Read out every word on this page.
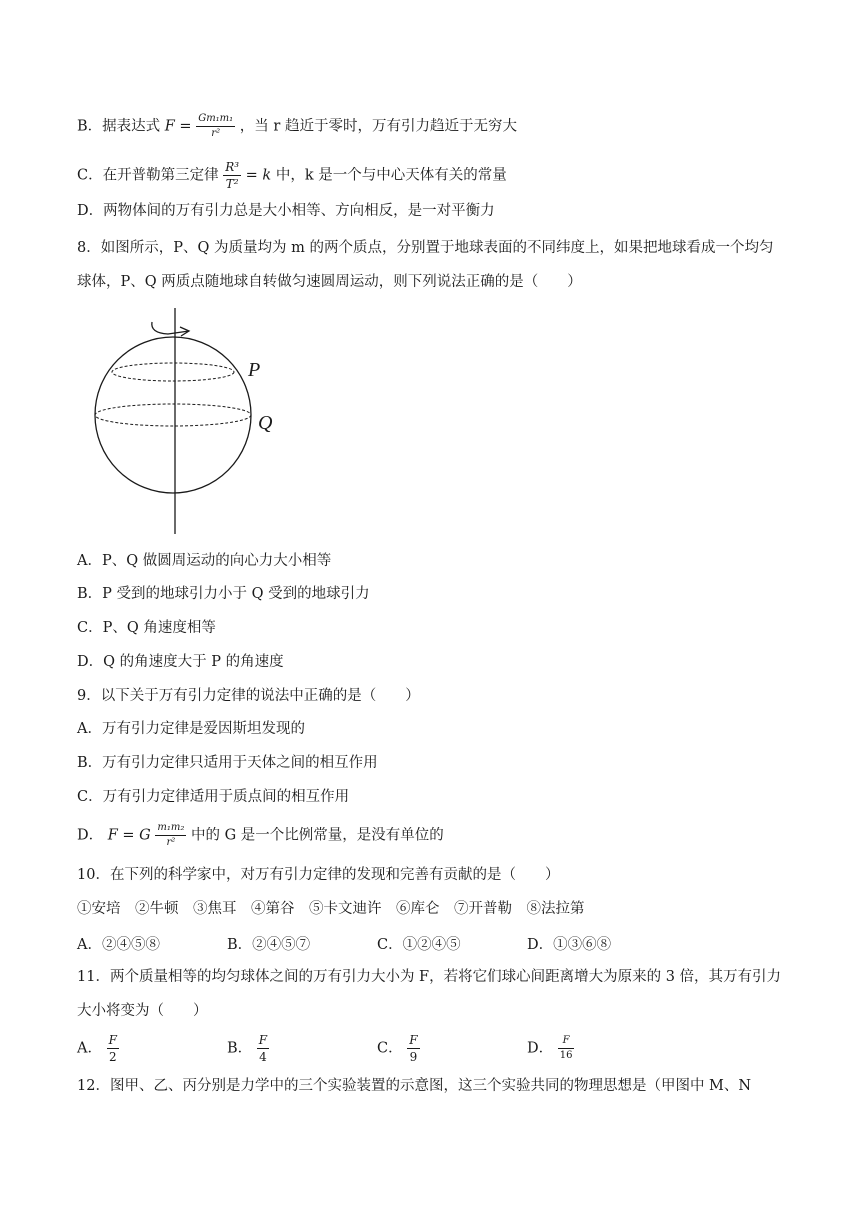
B．据表达式 $F = \frac{\text{Gm₁m₁}}{\text{r²}}$ ，当 r 趋近于零时，万有引力趋近于无穷大
C．在开普勒第三定律 $\frac{\text{R³}}{\text{T²}} = k$ 中，k 是一个与中心天体有关的常量
D．两物体间的万有引力总是大小相等、方向相反，是一对平衡力
8．如图所示，P、Q 为质量均为 m 的两个质点，分别置于地球表面的不同纬度上，如果把地球看成一个均匀球体，P、Q 两质点随地球自转做匀速圆周运动，则下列说法正确的是（　　）
P
Q
A．P、Q 做圆周运动的向心力大小相等
B．P 受到的地球引力小于 Q 受到的地球引力
C．P、Q 角速度相等
D．Q 的角速度大于 P 的角速度
9．以下关于万有引力定律的说法中正确的是（　　）
A．万有引力定律是爱因斯坦发现的
B．万有引力定律只适用于天体之间的相互作用
C．万有引力定律适用于质点间的相互作用
D． F = G $\frac{\text{m₁m₂}}{\text{r²}}$ 中的 G 是一个比例常量，是没有单位的
10．在下列的科学家中，对万有引力定律的发现和完善有贡献的是（　　）
①安培　②牛顿　③焦耳　④第谷　⑤卡文迪许　⑥库仑　⑦开普勒　⑧法拉第
A．②④⑤⑧	B．②④⑤⑦	C．①②④⑤	D．①③⑥⑧
11．两个质量相等的均匀球体之间的万有引力大小为 F，若将它们球心间距离增大为原来的 3 倍，其万有引力大小将变为（　　）
A． $\frac{F}{2}$	B． $\frac{F}{4}$	C． $\frac{F}{9}$	D． $\frac{F}{16}$
12．图甲、乙、丙分别是力学中的三个实验装置的示意图，这三个实验共同的物理思想是（甲图中 M、N
